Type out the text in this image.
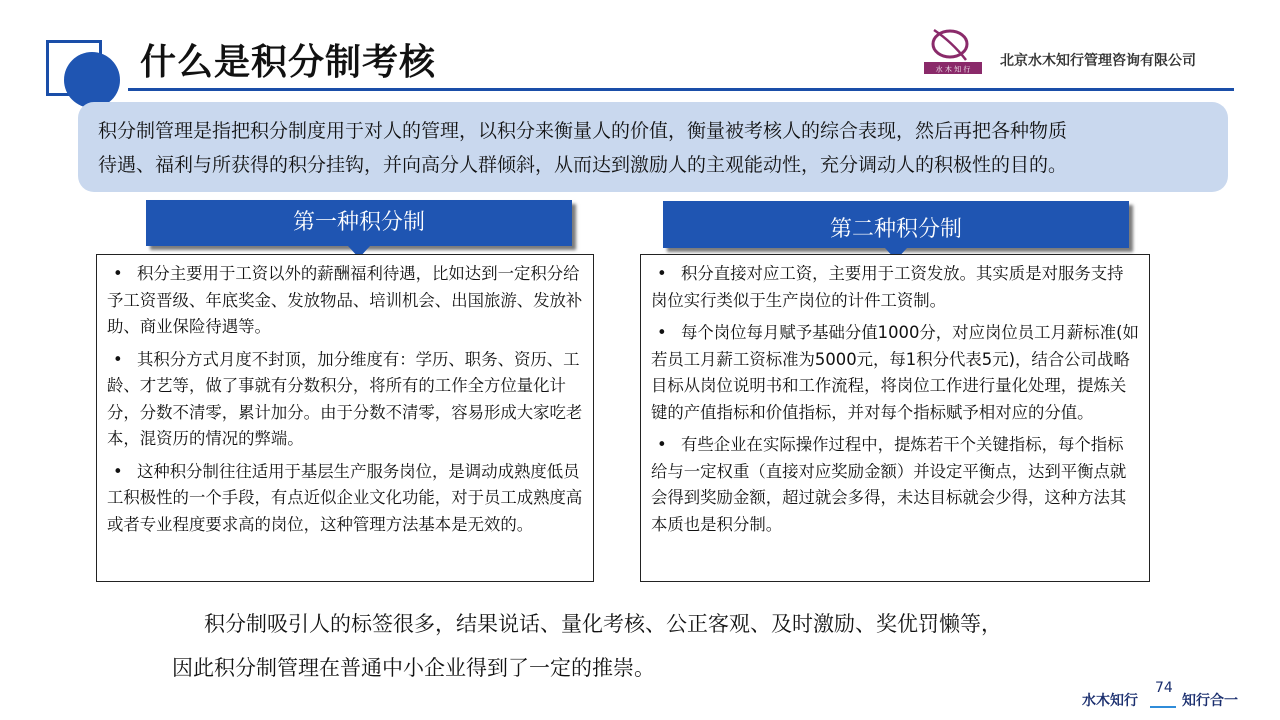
什么是积分制考核	水 木 知 行
北京水木知行管理咨询有限公司

积分制管理是指把积分制度用于对人的管理，以积分来衡量人的价值，衡量被考核人的综合表现，然后再把各种物质

待遇、福利与所获得的积分挂钩，并向高分人群倾斜，从而达到激励人的主观能动性，充分调动人的积极性的目的。

第一种积分制
• 积分主要用于工资以外的薪酬福利待遇，比如达到一定积分给予工资晋级、年底奖金、发放物品、培训机会、出国旅游、发放补助、商业保险待遇等。
• 其积分方式月度不封顶，加分维度有：学历、职务、资历、工龄、才艺等，做了事就有分数积分，将所有的工作全方位量化计分，分数不清零，累计加分。由于分数不清零，容易形成大家吃老本，混资历的情况的弊端。
• 这种积分制往往适用于基层生产服务岗位，是调动成熟度低员工积极性的一个手段，有点近似企业文化功能，对于员工成熟度高或者专业程度要求高的岗位，这种管理方法基本是无效的。
第二种积分制
• 积分直接对应工资，主要用于工资发放。其实质是对服务支持岗位实行类似于生产岗位的计件工资制。
• 每个岗位每月赋予基础分值1000分，对应岗位员工月薪标准(如若员工月薪工资标准为5000元，每1积分代表5元)，结合公司战略目标从岗位说明书和工作流程，将岗位工作进行量化处理，提炼关键的产值指标和价值指标，并对每个指标赋予相对应的分值。
• 有些企业在实际操作过程中，提炼若干个关键指标，每个指标给与一定权重（直接对应奖励金额）并设定平衡点，达到平衡点就会得到奖励金额，超过就会多得，未达目标就会少得，这种方法其本质也是积分制。
积分制吸引人的标签很多，结果说话、量化考核、公正客观、及时激励、奖优罚懒等，
因此积分制管理在普通中小企业得到了一定的推崇。
水木知行
74
知行合一
